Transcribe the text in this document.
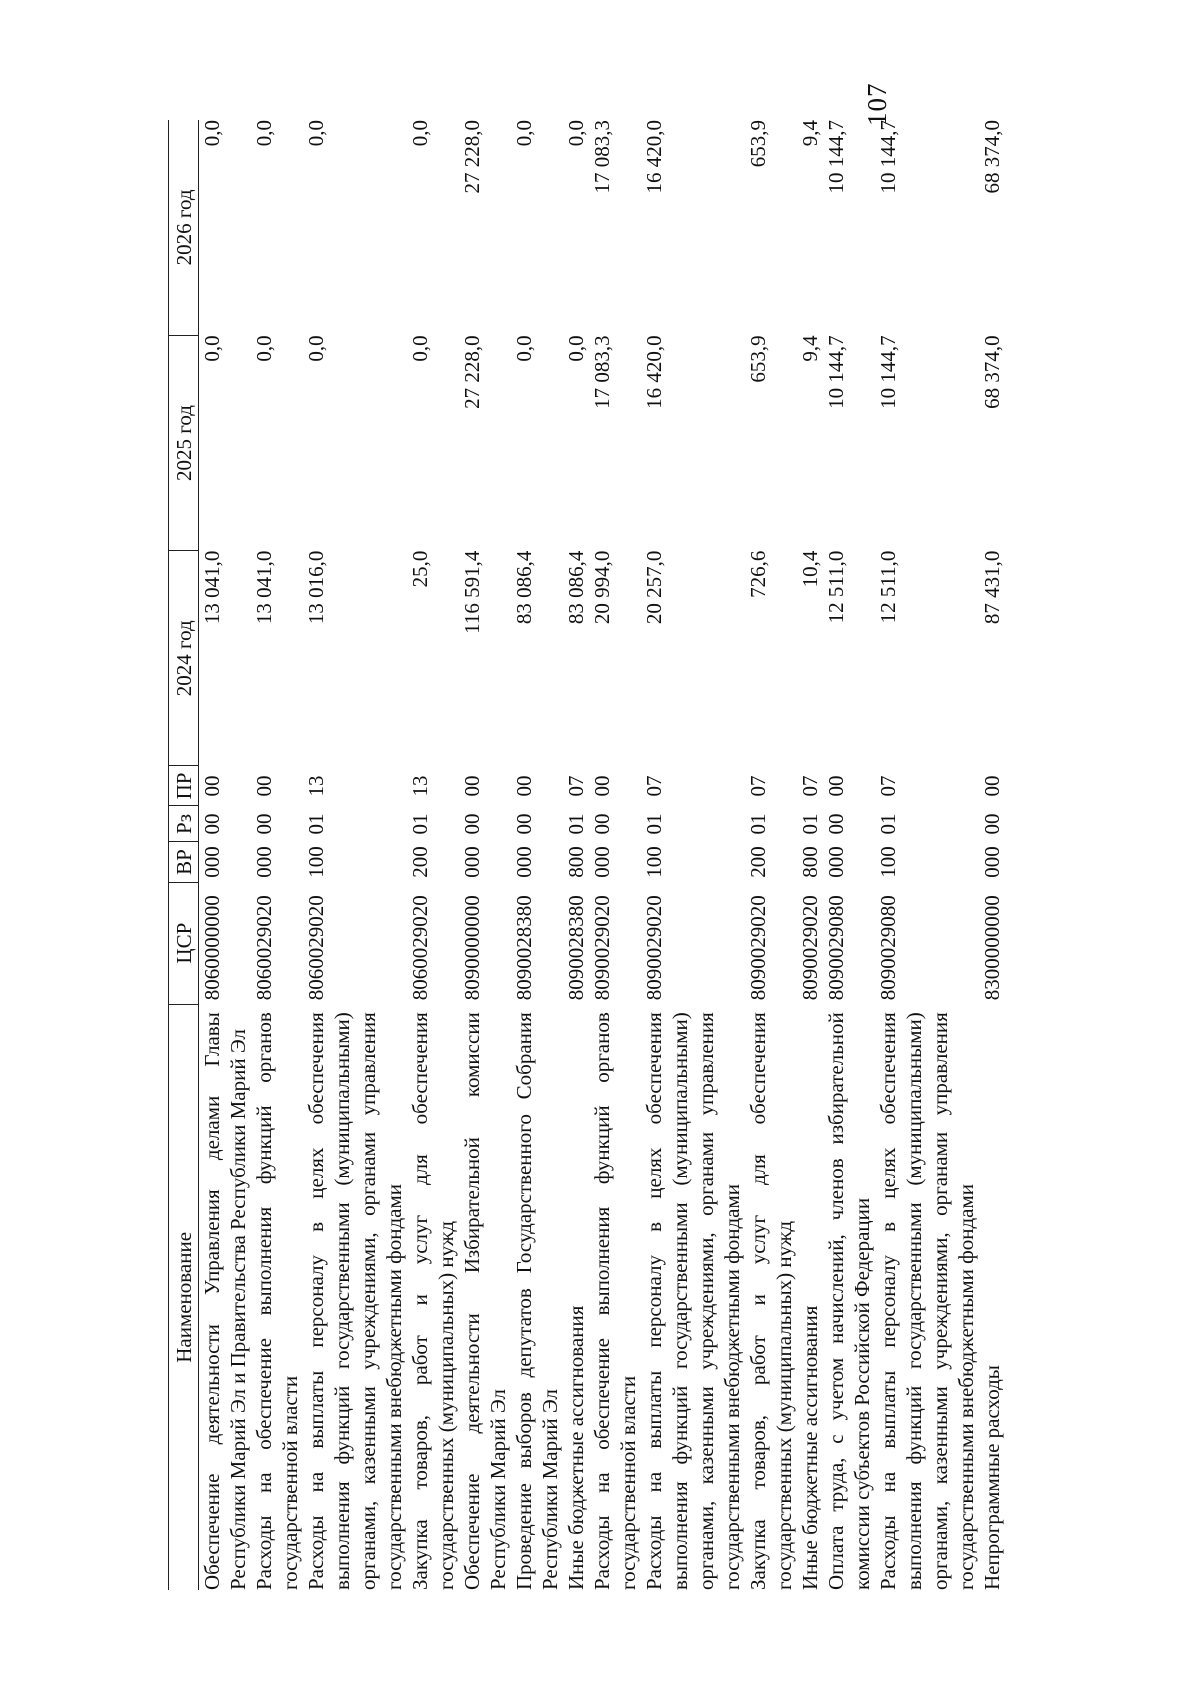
107
Наименование	ЦСР	ВР	Рз	ПР	2024 год	2025 год	2026 год

Обеспечение деятельности Управления делами Главы Республики Марий Эл и Правительства Республики Марий Эл	8060000000	000	00	00	13 041,0	0,0	0,0

Расходы на обеспечение выполнения функций органов государственной власти	8060029020	000	00	00	13 041,0	0,0	0,0

Расходы на выплаты персоналу в целях обеспечения выполнения функций государственными (муниципальными) органами, казенными учреждениями, органами управления государственными внебюджетными фондами	8060029020	100	01	13	13 016,0	0,0	0,0

Закупка товаров, работ и услуг для обеспечения государственных (муниципальных) нужд	8060029020	200	01	13	25,0	0,0	0,0

Обеспечение деятельности Избирательной комиссии Республики Марий Эл	8090000000	000	00	00	116 591,4	27 228,0	27 228,0

Проведение выборов депутатов Государственного Собрания Республики Марий Эл	8090028380	000	00	00	83 086,4	0,0	0,0

Иные бюджетные ассигнования	8090028380	800	01	07	83 086,4	0,0	0,0

Расходы на обеспечение выполнения функций органов государственной власти	8090029020	000	00	00	20 994,0	17 083,3	17 083,3

Расходы на выплаты персоналу в целях обеспечения выполнения функций государственными (муниципальными) органами, казенными учреждениями, органами управления государственными внебюджетными фондами	8090029020	100	01	07	20 257,0	16 420,0	16 420,0

Закупка товаров, работ и услуг для обеспечения государственных (муниципальных) нужд	8090029020	200	01	07	726,6	653,9	653,9

Иные бюджетные ассигнования	8090029020	800	01	07	10,4	9,4	9,4

Оплата труда, с учетом начислений, членов избирательной комиссии субъектов Российской Федерации	8090029080	000	00	00	12 511,0	10 144,7	10 144,7

Расходы на выплаты персоналу в целях обеспечения выполнения функций государственными (муниципальными) органами, казенными учреждениями, органами управления государственными внебюджетными фондами	8090029080	100	01	07	12 511,0	10 144,7	10 144,7

Непрограммные расходы	8300000000	000	00	00	87 431,0	68 374,0	68 374,0
